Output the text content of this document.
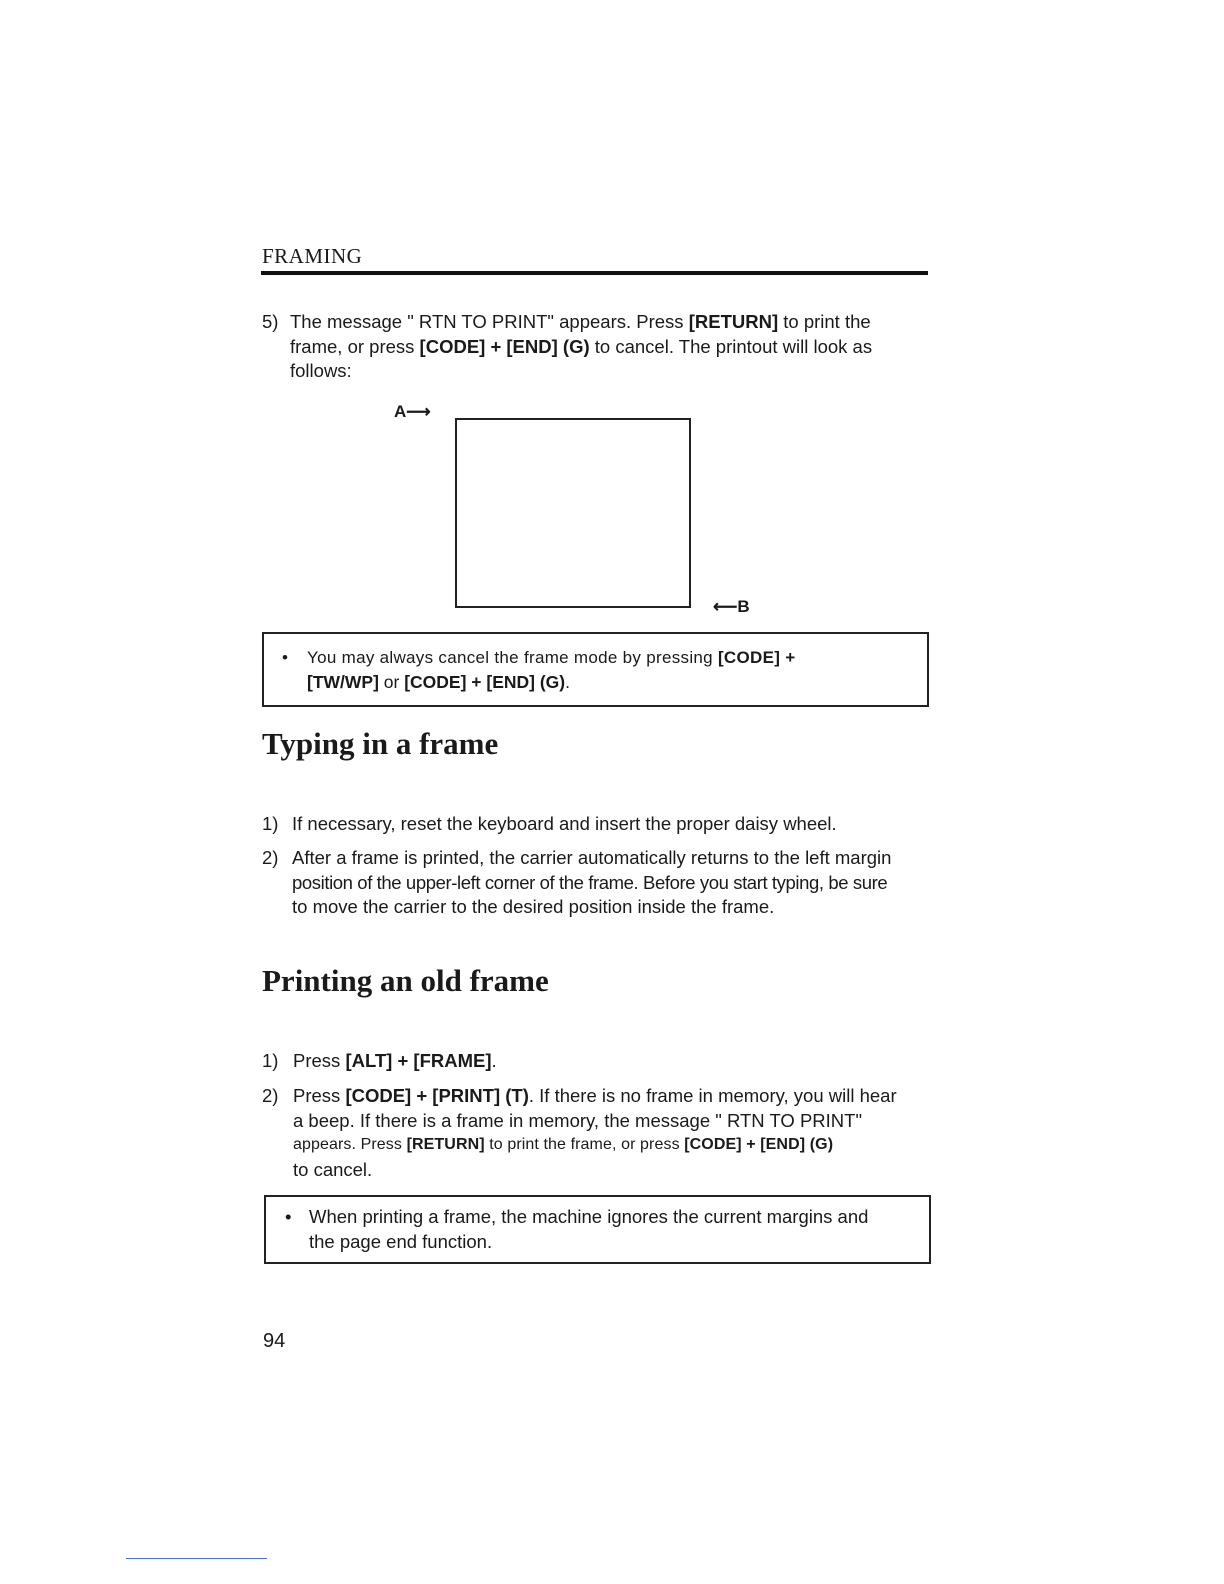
FRAMING
5) The message " RTN TO PRINT" appears. Press [RETURN] to print the
frame, or press [CODE] + [END] (G) to cancel. The printout will look as
follows:
A⟶
⟵B
• You may always cancel the frame mode by pressing [CODE] +
[TW/WP] or [CODE] + [END] (G).
Typing in a frame
1) If necessary, reset the keyboard and insert the proper daisy wheel.
2) After a frame is printed, the carrier automatically returns to the left margin
position of the upper-left corner of the frame. Before you start typing, be sure
to move the carrier to the desired position inside the frame.
Printing an old frame
1) Press [ALT] + [FRAME].
2) Press [CODE] + [PRINT] (T). If there is no frame in memory, you will hear
a beep. If there is a frame in memory, the message " RTN TO PRINT"
appears. Press [RETURN] to print the frame, or press [CODE] + [END] (G)
to cancel.
• When printing a frame, the machine ignores the current margins and
the page end function.
94
